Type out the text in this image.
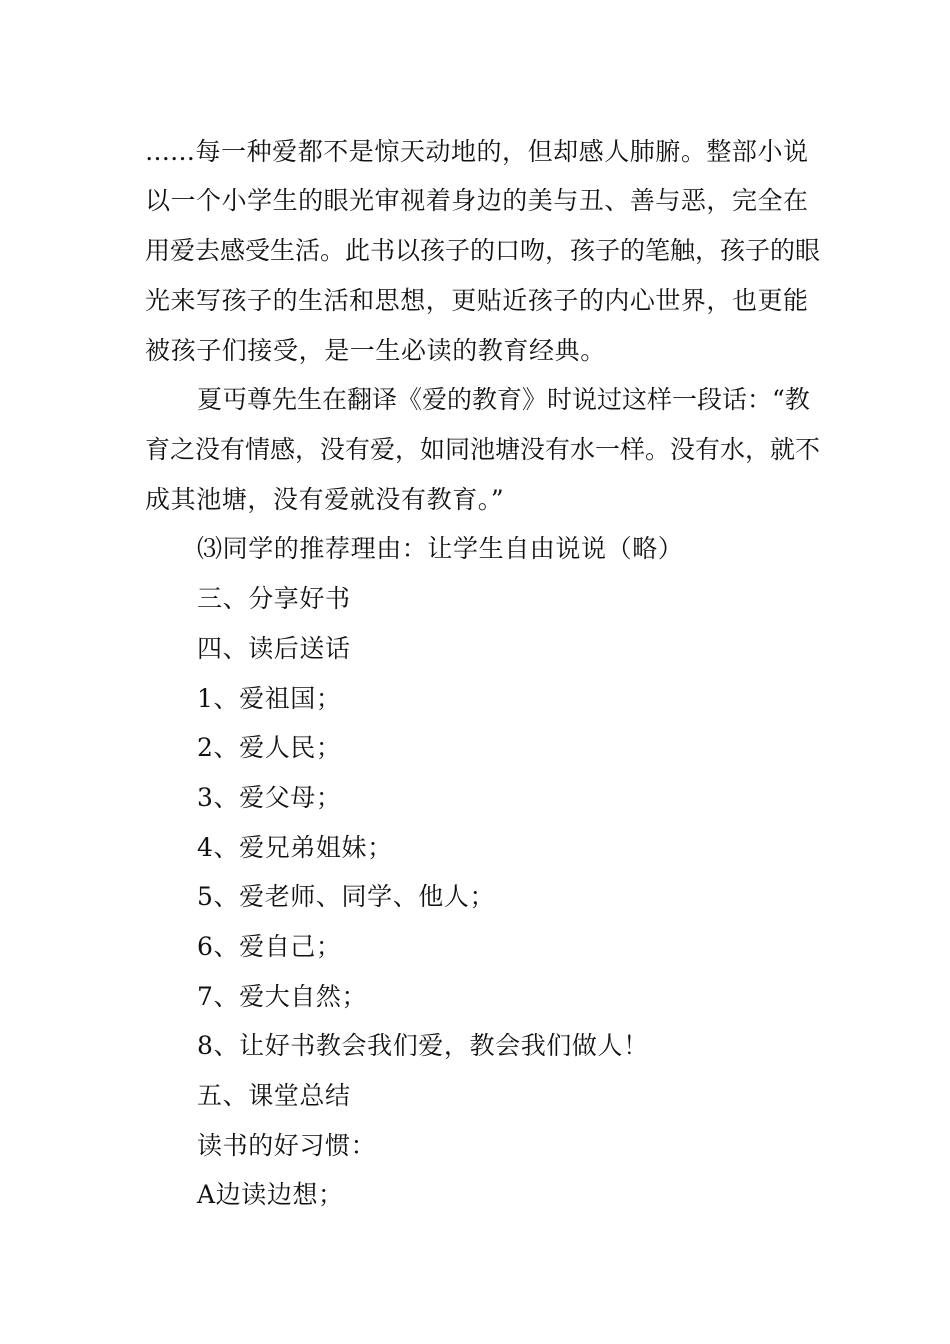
……每一种爱都不是惊天动地的，但却感人肺腑。整部小说
以一个小学生的眼光审视着身边的美与丑、善与恶，完全在
用爱去感受生活。此书以孩子的口吻，孩子的笔触，孩子的眼
光来写孩子的生活和思想，更贴近孩子的内心世界，也更能
被孩子们接受，是一生必读的教育经典。
夏丏尊先生在翻译《爱的教育》时说过这样一段话：“教
育之没有情感，没有爱，如同池塘没有水一样。没有水，就不
成其池塘，没有爱就没有教育。”
⑶同学的推荐理由：让学生自由说说（略）
三、分享好书
四、读后送话
1、爱祖国；
2、爱人民；
3、爱父母；
4、爱兄弟姐妹；
5、爱老师、同学、他人；
6、爱自己；
7、爱大自然；
8、让好书教会我们爱，教会我们做人！
五、课堂总结
读书的好习惯：
A边读边想；
